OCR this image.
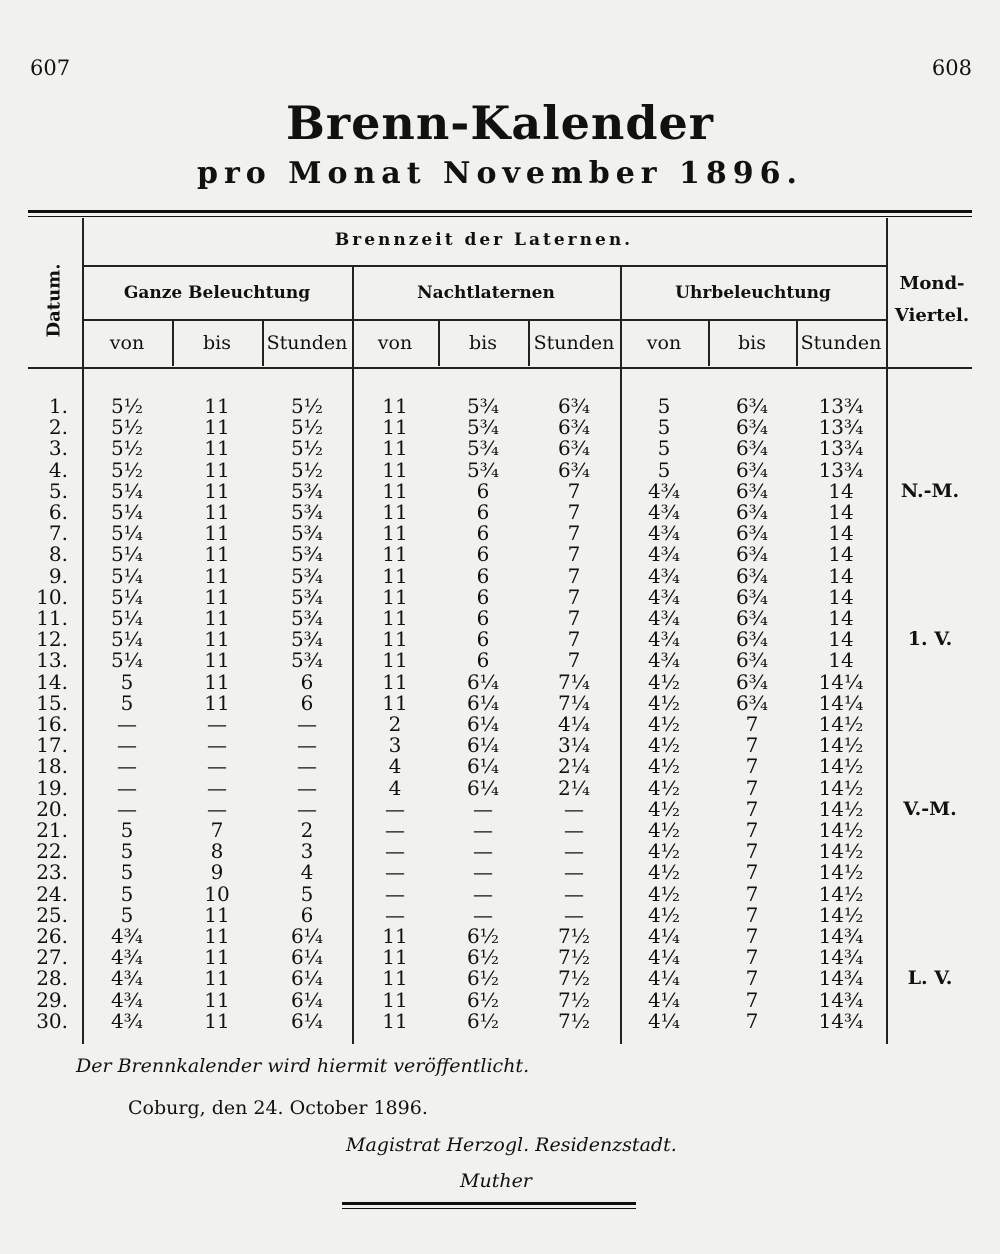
607	608
Brenn-Kalender
pro Monat November 1896.
Datum.
Brennzeit der Laternen.
Ganze Beleuchtung	Nachtlaternen	Uhrbeleuchtung	Mond-
Viertel.
von	bis	Stunden	von	bis	Stunden	von	bis	Stunden
1.	5½	11	5½	11	5¾	6¾	5	6¾	13¾
2.	5½	11	5½	11	5¾	6¾	5	6¾	13¾
3.	5½	11	5½	11	5¾	6¾	5	6¾	13¾
4.	5½	11	5½	11	5¾	6¾	5	6¾	13¾
5.	5¼	11	5¾	11	6	7	4¾	6¾	14	N.-M.
6.	5¼	11	5¾	11	6	7	4¾	6¾	14
7.	5¼	11	5¾	11	6	7	4¾	6¾	14
8.	5¼	11	5¾	11	6	7	4¾	6¾	14
9.	5¼	11	5¾	11	6	7	4¾	6¾	14
10.	5¼	11	5¾	11	6	7	4¾	6¾	14
11.	5¼	11	5¾	11	6	7	4¾	6¾	14
12.	5¼	11	5¾	11	6	7	4¾	6¾	14	1. V.
13.	5¼	11	5¾	11	6	7	4¾	6¾	14
14.	5	11	6	11	6¼	7¼	4½	6¾	14¼
15.	5	11	6	11	6¼	7¼	4½	6¾	14¼
16.	—	—	—	2	6¼	4¼	4½	7	14½
17.	—	—	—	3	6¼	3¼	4½	7	14½
18.	—	—	—	4	6¼	2¼	4½	7	14½
19.	—	—	—	4	6¼	2¼	4½	7	14½
20.	—	—	—	—	—	—	4½	7	14½	V.-M.
21.	5	7	2	—	—	—	4½	7	14½
22.	5	8	3	—	—	—	4½	7	14½
23.	5	9	4	—	—	—	4½	7	14½
24.	5	10	5	—	—	—	4½	7	14½
25.	5	11	6	—	—	—	4½	7	14½
26.	4¾	11	6¼	11	6½	7½	4¼	7	14¾
27.	4¾	11	6¼	11	6½	7½	4¼	7	14¾
28.	4¾	11	6¼	11	6½	7½	4¼	7	14¾	L. V.
29.	4¾	11	6¼	11	6½	7½	4¼	7	14¾
30.	4¾	11	6¼	11	6½	7½	4¼	7	14¾
Der Brennkalender wird hiermit veröffentlicht.
Coburg, den 24. October 1896.
Magistrat Herzogl. Residenzstadt.
Muther
